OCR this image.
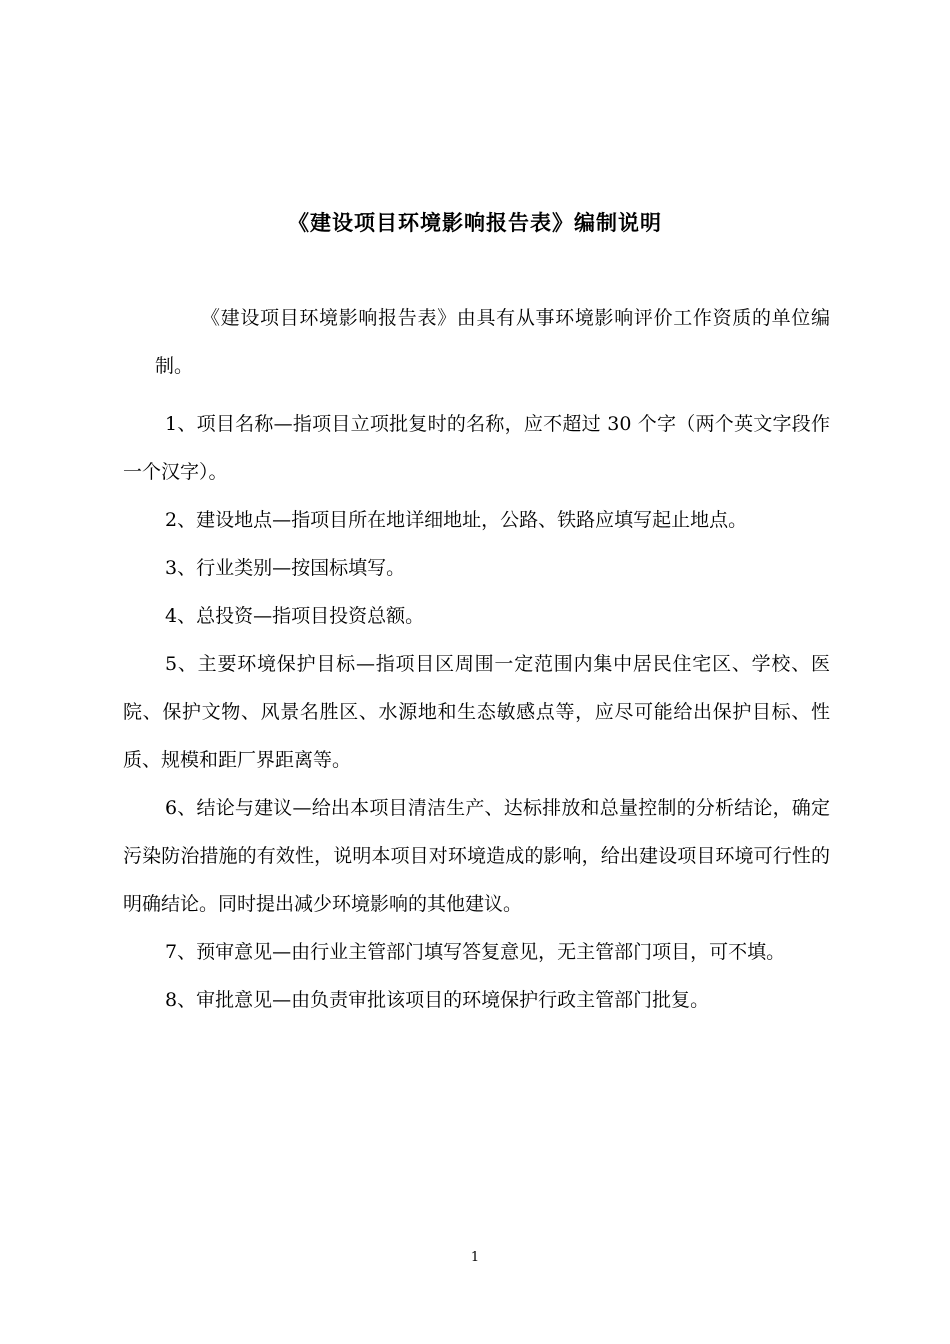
《建设项目环境影响报告表》编制说明

《建设项目环境影响报告表》由具有从事环境影响评价工作资质的单位编制。

1、项目名称—指项目立项批复时的名称，应不超过 30 个字（两个英文字段作一个汉字）。

2、建设地点—指项目所在地详细地址，公路、铁路应填写起止地点。

3、行业类别—按国标填写。

4、总投资—指项目投资总额。

5、主要环境保护目标—指项目区周围一定范围内集中居民住宅区、学校、医院、保护文物、风景名胜区、水源地和生态敏感点等，应尽可能给出保护目标、性质、规模和距厂界距离等。

6、结论与建议—给出本项目清洁生产、达标排放和总量控制的分析结论，确定污染防治措施的有效性，说明本项目对环境造成的影响，给出建设项目环境可行性的明确结论。同时提出减少环境影响的其他建议。

7、预审意见—由行业主管部门填写答复意见，无主管部门项目，可不填。

8、审批意见—由负责审批该项目的环境保护行政主管部门批复。

1
